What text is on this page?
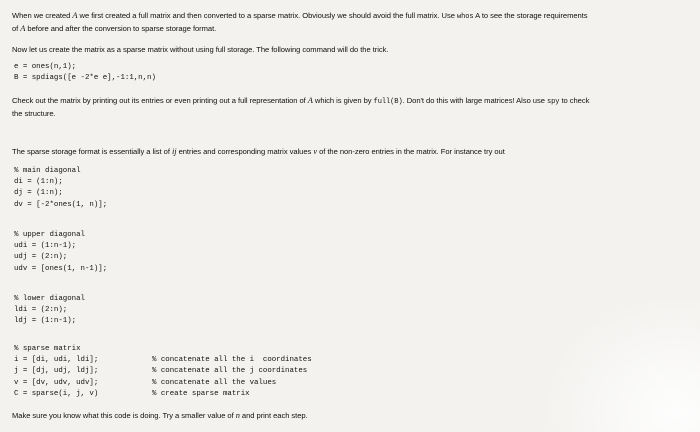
When we created A we first created a full matrix and then converted to a sparse matrix. Obviously we should avoid the full matrix. Use whos A to see the storage requirements
of A before and after the conversion to sparse storage format.
Now let us create the matrix as a sparse matrix without using full storage. The following command will do the trick.
e = ones(n,1);
B = spdiags([e -2*e e],-1:1,n,n)
Check out the matrix by printing out its entries or even printing out a full representation of A which is given by full(B). Don't do this with large matrices! Also use spy to check
the structure.
The sparse storage format is essentially a list of ij entries and corresponding matrix values v of the non-zero entries in the matrix. For instance try out
% main diagonal
di = (1:n);
dj = (1:n);
dv = [-2*ones(1, n)];
% upper diagonal
udi = (1:n-1);
udj = (2:n);
udv = [ones(1, n-1)];
% lower diagonal
ldi = (2:n);
ldj = (1:n-1);
% sparse matrix
i = [di, udi, ldi];
j = [dj, udj, ldj];
v = [dv, udv, udv];
C = sparse(i, j, v)
% concatenate all the i  coordinates
% concatenate all the j coordinates
% concatenate all the values
% create sparse matrix
Make sure you know what this code is doing. Try a smaller value of n and print each step.
